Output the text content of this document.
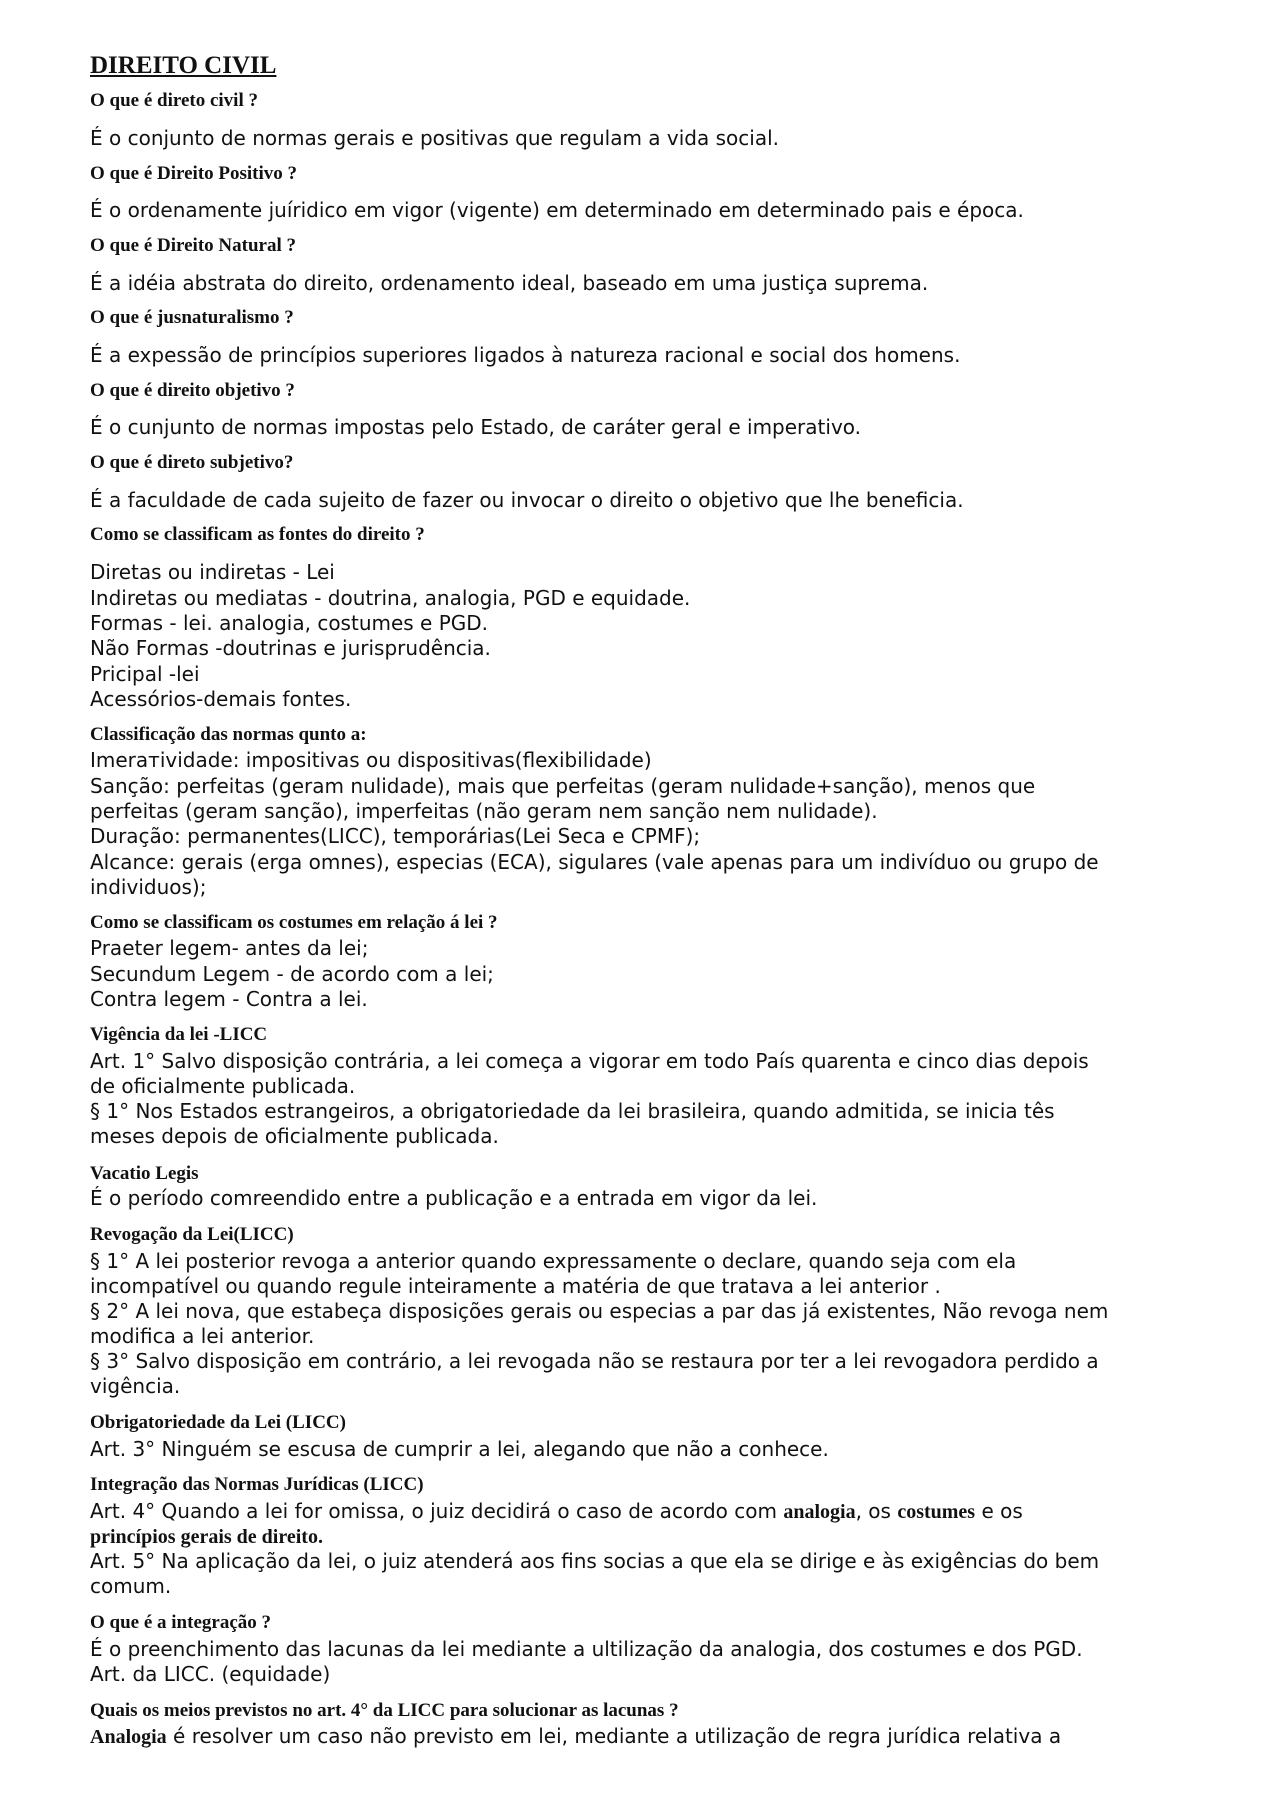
DIREITO CIVIL
O que é direto civil ?
É o conjunto de normas gerais e positivas que regulam a vida social.
O que é Direito Positivo ?
É o ordenamente juíridico em vigor (vigente) em determinado em determinado pais e época.
O que é Direito Natural ?
É a idéia abstrata do direito, ordenamento ideal, baseado em uma justiça suprema.
O que é jusnaturalismo ?
É a expessão de princípios superiores ligados à natureza racional e social dos homens.
O que é direito objetivo ?
É o cunjunto de normas impostas pelo Estado, de caráter geral e imperativo.
O que é direto subjetivo?
É a faculdade de cada sujeito de fazer ou invocar o direito o objetivo que lhe beneficia.
Como se classificam as fontes do direito ?
Diretas ou indiretas - Lei
Indiretas ou mediatas - doutrina, analogia, PGD e equidade.
Formas - lei. analogia, costumes e PGD.
Não Formas -doutrinas e jurisprudência.
Pricipal -lei
Acessórios-demais fontes.
Classificação das normas qunto a:
Imerатividade: impositivas ou dispositivas(flexibilidade)
Sanção: perfeitas (geram nulidade), mais que perfeitas (geram nulidade+sanção), menos que
perfeitas (geram sanção), imperfeitas (não geram nem sanção nem nulidade).
Duração: permanentes(LICC), temporárias(Lei Seca e CPMF);
Alcance: gerais (erga omnes), especias (ECA), sigulares (vale apenas para um indivíduo ou grupo de
individuos);
Como se classificam os costumes em relação á lei ?
Praeter legem- antes da lei;
Secundum Legem - de acordo com a lei;
Contra legem - Contra a lei.
Vigência da lei -LICC
Art. 1° Salvo disposição contrária, a lei começa a vigorar em todo País quarenta e cinco dias depois
de oficialmente publicada.
§ 1° Nos Estados estrangeiros, a obrigatoriedade da lei brasileira, quando admitida, se inicia tês
meses depois de oficialmente publicada.
Vacatio Legis
É o período comreendido entre a publicação e a entrada em vigor da lei.
Revogação da Lei(LICC)
§ 1° A lei posterior revoga a anterior quando expressamente o declare, quando seja com ela
incompatível ou quando regule inteiramente a matéria de que tratava a lei anterior .
§ 2° A lei nova, que estabeça disposições gerais ou especias a par das já existentes, Não revoga nem
modifica a lei anterior.
§ 3° Salvo disposição em contrário, a lei revogada não se restaura por ter a lei revogadora perdido a
vigência.
Obrigatoriedade da Lei (LICC)
Art. 3° Ninguém se escusa de cumprir a lei, alegando que não a conhece.
Integração das Normas Jurídicas (LICC)
Art. 4° Quando a lei for omissa, o juiz decidirá o caso de acordo com analogia, os costumes e os
princípios gerais de direito.
Art. 5° Na aplicação da lei, o juiz atenderá aos fins socias a que ela se dirige e às exigências do bem
comum.
O que é a integração ?
É o preenchimento das lacunas da lei mediante a ultilização da analogia, dos costumes e dos PGD.
Art. da LICC. (equidade)
Quais os meios previstos no art. 4° da LICC para solucionar as lacunas ?
Analogia é resolver um caso não previsto em lei, mediante a utilização de regra jurídica relativa a
